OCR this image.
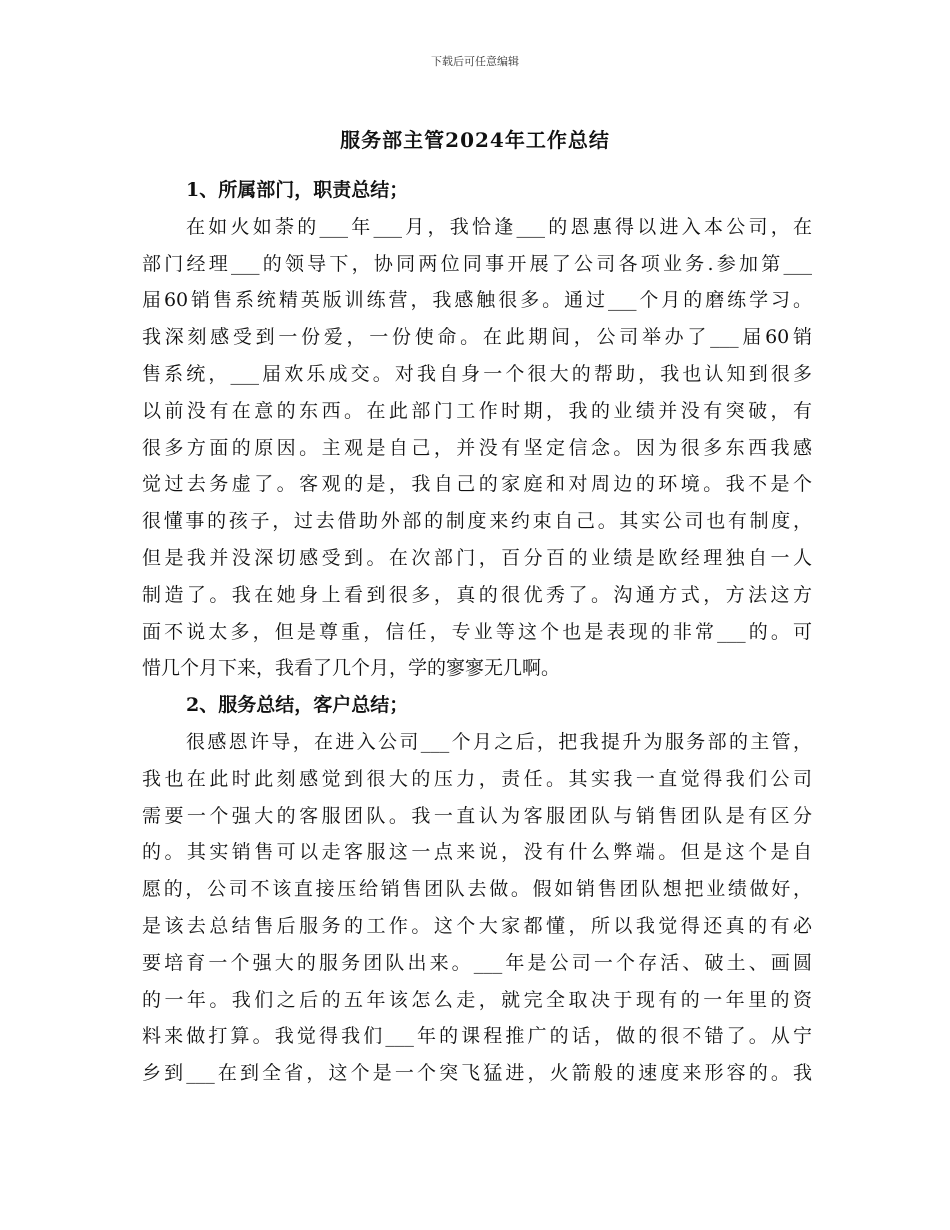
下载后可任意编辑
服务部主管2024年工作总结
1、所属部门，职责总结；
在如火如荼的___年___月，我恰逢___的恩惠得以进入本公司，在
部门经理___的领导下，协同两位同事开展了公司各项业务.参加第___
届60销售系统精英版训练营，我感触很多。通过___个月的磨练学习。
我深刻感受到一份爱，一份使命。在此期间，公司举办了___届60销
售系统，___届欢乐成交。对我自身一个很大的帮助，我也认知到很多
以前没有在意的东西。在此部门工作时期，我的业绩并没有突破，有
很多方面的原因。主观是自己，并没有坚定信念。因为很多东西我感
觉过去务虚了。客观的是，我自己的家庭和对周边的环境。我不是个
很懂事的孩子，过去借助外部的制度来约束自己。其实公司也有制度，
但是我并没深切感受到。在次部门，百分百的业绩是欧经理独自一人
制造了。我在她身上看到很多，真的很优秀了。沟通方式，方法这方
面不说太多，但是尊重，信任，专业等这个也是表现的非常___的。可
惜几个月下来，我看了几个月，学的寥寥无几啊。
2、服务总结，客户总结；
很感恩许导，在进入公司___个月之后，把我提升为服务部的主管，
我也在此时此刻感觉到很大的压力，责任。其实我一直觉得我们公司
需要一个强大的客服团队。我一直认为客服团队与销售团队是有区分
的。其实销售可以走客服这一点来说，没有什么弊端。但是这个是自
愿的，公司不该直接压给销售团队去做。假如销售团队想把业绩做好，
是该去总结售后服务的工作。这个大家都懂，所以我觉得还真的有必
要培育一个强大的服务团队出来。___年是公司一个存活、破土、画圆
的一年。我们之后的五年该怎么走，就完全取决于现有的一年里的资
料来做打算。我觉得我们___年的课程推广的话，做的很不错了。从宁
乡到___在到全省，这个是一个突飞猛进，火箭般的速度来形容的。我
